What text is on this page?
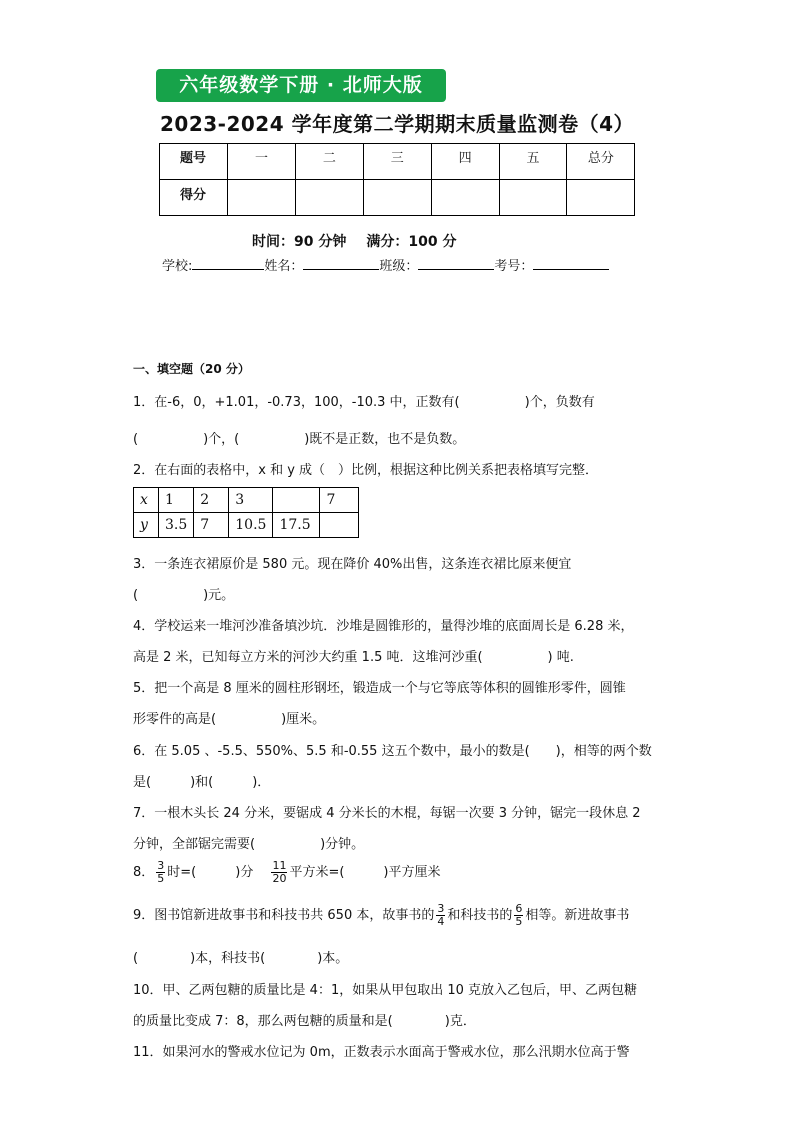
六年级数学下册 · 北师大版
2023-2024 学年度第二学期期末质量监测卷（4）
题号	一	二	三	四	五	总分
得分						
时间：90 分钟 满分：100 分
学校:	姓名：	班级：	考号：
一、填空题（20 分）
1．在-6，0，+1.01，-0.73，100，-10.3 中，正数有(　　　　　)个，负数有
(　　　　　)个，(　　　　　)既不是正数，也不是负数。
2．在右面的表格中，x 和 y 成（　）比例，根据这种比例关系把表格填写完整．
x	1	2	3		7
y	3.5	7	10.5	17.5	
3．一条连衣裙原价是 580 元。现在降价 40%出售，这条连衣裙比原来便宜
(　　　　　)元。
4．学校运来一堆河沙准备填沙坑．沙堆是圆锥形的，量得沙堆的底面周长是 6.28 米，
高是 2 米，已知每立方米的河沙大约重 1.5 吨．这堆河沙重(　　　　　) 吨.
5．把一个高是 8 厘米的圆柱形钢坯，锻造成一个与它等底等体积的圆锥形零件，圆锥
形零件的高是(　　　　　)厘米。
6．在 5.05 、-5.5、550%、5.5 和-0.55 这五个数中，最小的数是(　　)，相等的两个数
是(　　　)和(　　　)．
7．一根木头长 24 分米，要锯成 4 分米长的木棍，每锯一次要 3 分钟，锯完一段休息 2
分钟，全部锯完需要(　　　　　)分钟。
8． $\frac{3}{5}$ 时=(　　　)分 $\frac{11}{20}$ 平方米=(　　　)平方厘米
9．图书馆新进故事书和科技书共 650 本，故事书的 $\frac{3}{4}$ 和科技书的 $\frac{6}{5}$ 相等。新进故事书
(　　　　)本，科技书(　　　　)本。
10．甲、乙两包糖的质量比是 4：1，如果从甲包取出 10 克放入乙包后，甲、乙两包糖
的质量比变成 7：8，那么两包糖的质量和是(　　　　)克．
11．如果河水的警戒水位记为 0m，正数表示水面高于警戒水位，那么汛期水位高于警
